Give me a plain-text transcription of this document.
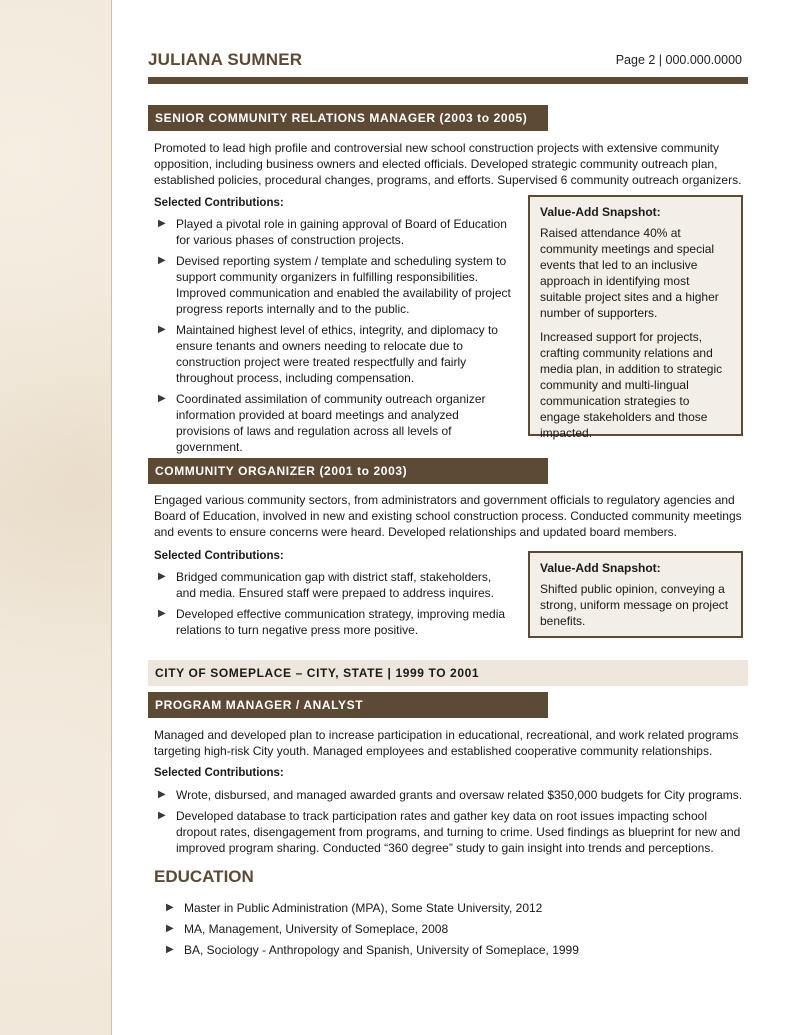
JULIANA SUMNER	Page 2 | 000.000.0000
SENIOR COMMUNITY RELATIONS MANAGER (2003 to 2005)
Promoted to lead high profile and controversial new school construction projects with extensive community opposition, including business owners and elected officials. Developed strategic community outreach plan, established policies, procedural changes, programs, and efforts. Supervised 6 community outreach organizers.
Selected Contributions:
▶ Played a pivotal role in gaining approval of Board of Education for various phases of construction projects.
▶ Devised reporting system / template and scheduling system to support community organizers in fulfilling responsibilities. Improved communication and enabled the availability of project progress reports internally and to the public.
▶ Maintained highest level of ethics, integrity, and diplomacy to ensure tenants and owners needing to relocate due to construction project were treated respectfully and fairly throughout process, including compensation.
▶ Coordinated assimilation of community outreach organizer information provided at board meetings and analyzed provisions of laws and regulation across all levels of government.
Value-Add Snapshot:

Raised attendance 40% at community meetings and special events that led to an inclusive approach in identifying most suitable project sites and a higher number of supporters.

Increased support for projects, crafting community relations and media plan, in addition to strategic community and multi-lingual communication strategies to engage stakeholders and those impacted.

COMMUNITY ORGANIZER (2001 to 2003)
Engaged various community sectors, from administrators and government officials to regulatory agencies and Board of Education, involved in new and existing school construction process. Conducted community meetings and events to ensure concerns were heard. Developed relationships and updated board members.
Selected Contributions:
▶ Bridged communication gap with district staff, stakeholders, and media. Ensured staff were prepaed to address inquires.
▶ Developed effective communication strategy, improving media relations to turn negative press more positive.
Value-Add Snapshot:

Shifted public opinion, conveying a strong, uniform message on project benefits.

CITY OF SOMEPLACE – CITY, STATE | 1999 TO 2001
PROGRAM MANAGER / ANALYST
Managed and developed plan to increase participation in educational, recreational, and work related programs targeting high-risk City youth. Managed employees and established cooperative community relationships.
Selected Contributions:
▶ Wrote, disbursed, and managed awarded grants and oversaw related $350,000 budgets for City programs.
▶ Developed database to track participation rates and gather key data on root issues impacting school dropout rates, disengagement from programs, and turning to crime. Used findings as blueprint for new and improved program sharing. Conducted “360 degree” study to gain insight into trends and perceptions.
EDUCATION
▶ Master in Public Administration (MPA), Some State University, 2012
▶ MA, Management, University of Someplace, 2008
▶ BA, Sociology - Anthropology and Spanish, University of Someplace, 1999
